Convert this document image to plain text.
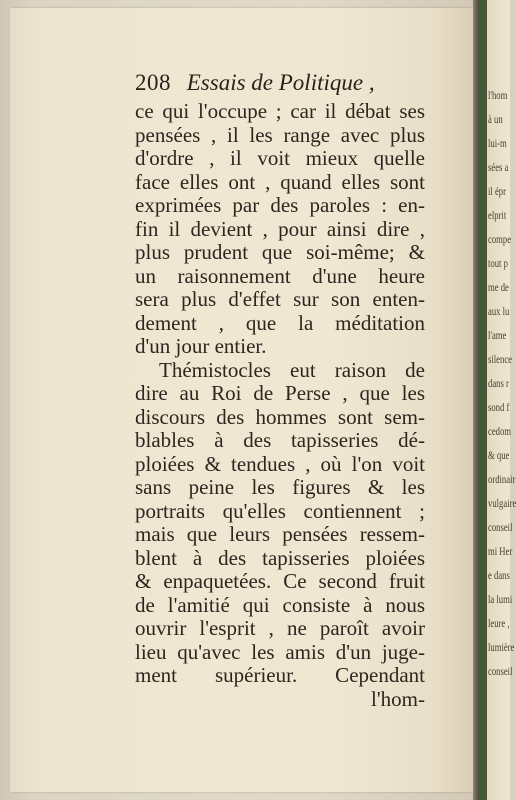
208 Essais de Politique ,
ce qui l'occupe ; car il débat ses
pensées , il les range avec plus
d'ordre , il voit mieux quelle
face elles ont , quand elles sont
exprimées par des paroles : en-
fin il devient , pour ainsi dire ,
plus prudent que soi-même; &
un raisonnement d'une heure
sera plus d'effet sur son enten-
dement , que la méditation
d'un jour entier.
Thémistocles eut raison de
dire au Roi de Perse , que les
discours des hommes sont sem-
blables à des tapisseries dé-
ploiées & tendues , où l'on voit
sans peine les figures & les
portraits qu'elles contiennent ;
mais que leurs pensées ressem-
blent à des tapisseries ploiées
& enpaquetées. Ce second fruit
de l'amitié qui consiste à nous
ouvrir l'esprit , ne paroît avoir
lieu qu'avec les amis d'un juge-
ment supérieur. Cependant
l'hom-
l'hom
à un
lui-m
sées a
il épr
elprit
compe
tout p
me de
aux lu
l'ame
silence
dans r
sond f
cedom
& que
ordinair
vulgaire
conseil
mi Her
e dans
la lumi
leure ,
lumière
conseil
